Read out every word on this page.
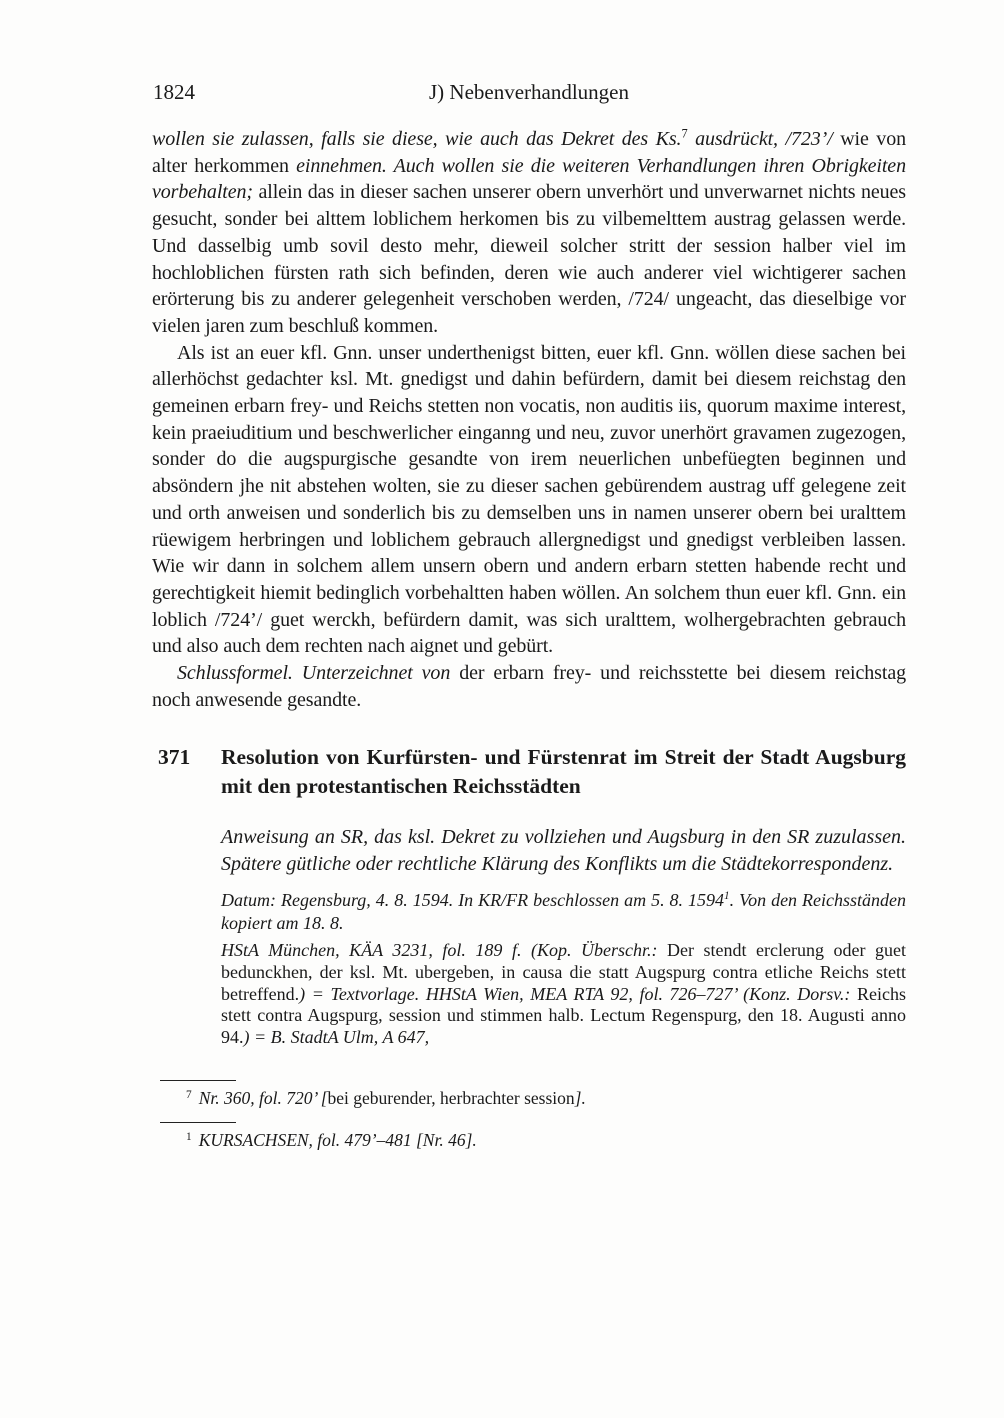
1824	J) Nebenverhandlungen

wollen sie zulassen, falls sie diese, wie auch das Dekret des Ks.$^7$ ausdrückt, /723’/ wie von alter herkommen einnehmen. Auch wollen sie die weiteren Verhandlungen ihren Obrigkeiten vorbehalten; allein das in dieser sachen unserer obern unverhört und unverwarnet nichts neues gesucht, sonder bei alttem loblichem herkomen bis zu vilbemelttem austrag gelassen werde. Und dasselbig umb sovil desto mehr, dieweil solcher stritt der session halber viel im hochloblichen fürsten rath sich befinden, deren wie auch anderer viel wichtigerer sachen erörterung bis zu anderer gelegenheit verschoben werden, /724/ ungeacht, das dieselbige vor vielen jaren zum beschluß kommen.

Als ist an euer kfl. Gnn. unser underthenigst bitten, euer kfl. Gnn. wöllen diese sachen bei allerhöchst gedachter ksl. Mt. gnedigst und dahin befürdern, damit bei diesem reichstag den gemeinen erbarn frey- und Reichs stetten non vocatis, non auditis iis, quorum maxime interest, kein praeiuditium und beschwerlicher einganng und neu, zuvor unerhört gravamen zugezogen, sonder do die augspurgische gesandte von irem neuerlichen unbefüegten beginnen und absöndern jhe nit abstehen wolten, sie zu dieser sachen gebürendem austrag uff gelegene zeit und orth anweisen und sonderlich bis zu demselben uns in namen unserer obern bei uralttem rüewigem herbringen und loblichem gebrauch allergnedigst und gnedigst verbleiben lassen. Wie wir dann in solchem allem unsern obern und andern erbarn stetten habende recht und gerechtigkeit hiemit bedinglich vorbehaltten haben wöllen. An solchem thun euer kfl. Gnn. ein loblich /724’/ guet werckh, befürdern damit, was sich uralttem, wolhergebrachten gebrauch und also auch dem rechten nach aignet und gebürt.

Schlussformel. Unterzeichnet von der erbarn frey- und reichsstette bei diesem reichstag noch anwesende gesandte.

371	Resolution von Kurfürsten- und Fürstenrat im Streit der Stadt Augsburg mit den protestantischen Reichsstädten

Anweisung an SR, das ksl. Dekret zu vollziehen und Augsburg in den SR zuzulassen. Spätere gütliche oder rechtliche Klärung des Konflikts um die Städtekorrespondenz.

Datum: Regensburg, 4. 8. 1594. In KR/FR beschlossen am 5. 8. 1594$^1$. Von den Reichsständen kopiert am 18. 8.

HStA München, KÄA 3231, fol. 189 f. (Kop. Überschr.: Der stendt erclerung oder guet bedunckhen, der ksl. Mt. ubergeben, in causa die statt Augspurg contra etliche Reichs stett betreffend.) = Textvorlage. HHStA Wien, MEA RTA 92, fol. 726–727’ (Konz. Dorsv.: Reichs stett contra Augspurg, session und stimmen halb. Lectum Regenspurg, den 18. Augusti anno 94.) = B. StadtA Ulm, A 647,

$^7$ Nr. 360, fol. 720’ [bei geburender, herbrachter session].

$^1$ KURSACHSEN, fol. 479’–481 [Nr. 46].
